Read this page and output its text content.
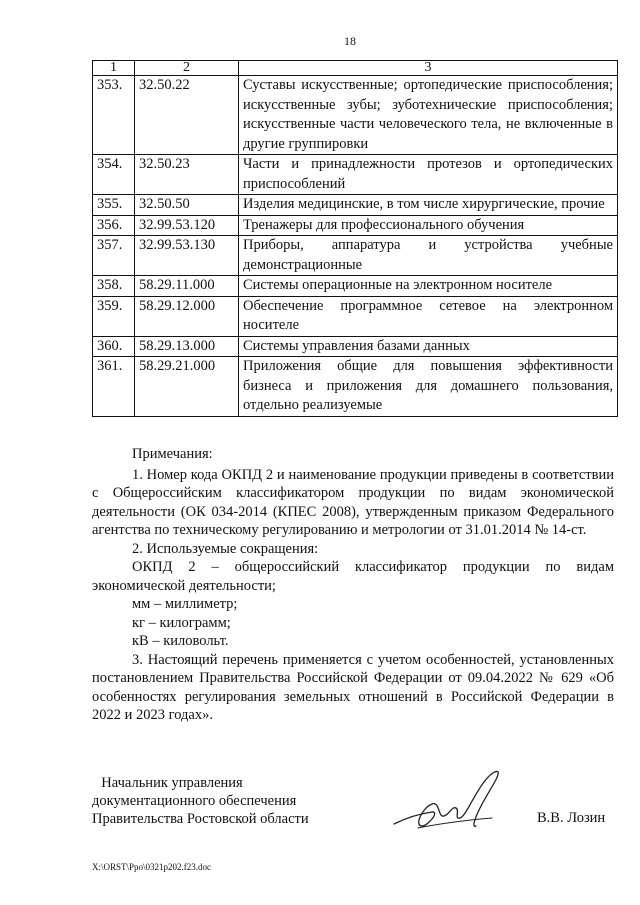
18
1	2	3
353.	32.50.22	Суставы искусственные; ортопедические приспособления; искусственные зубы; зуботехнические приспособления; искусственные части человеческого тела, не включенные в другие группировки
354.	32.50.23	Части и принадлежности протезов и ортопедических приспособлений
355.	32.50.50	Изделия медицинские, в том числе хирургические, прочие
356.	32.99.53.120	Тренажеры для профессионального обучения
357.	32.99.53.130	Приборы, аппаратура и устройства учебные демонстрационные
358.	58.29.11.000	Системы операционные на электронном носителе
359.	58.29.12.000	Обеспечение программное сетевое на электронном носителе
360.	58.29.13.000	Системы управления базами данных
361.	58.29.21.000	Приложения общие для повышения эффективности бизнеса и приложения для домашнего пользования, отдельно реализуемые

Примечания:

1. Номер кода ОКПД 2 и наименование продукции приведены в соответствии с Общероссийским классификатором продукции по видам экономической деятельности (ОК 034-2014 (КПЕС 2008), утвержденным приказом Федерального агентства по техническому регулированию и метрологии от 31.01.2014 № 14-ст.

2. Используемые сокращения:

ОКПД 2 – общероссийский классификатор продукции по видам экономической деятельности;

мм – миллиметр;

кг – килограмм;

кВ – киловольт.

3. Настоящий перечень применяется с учетом особенностей, установленных постановлением Правительства Российской Федерации от 09.04.2022 № 629 «Об особенностях регулирования земельных отношений в Российской Федерации в 2022 и 2023 годах».

Начальник управления
документационного обеспечения
Правительства Ростовской области	В.В. Лозин
X:\ORST\Ppo\0321p202.f23.doc
